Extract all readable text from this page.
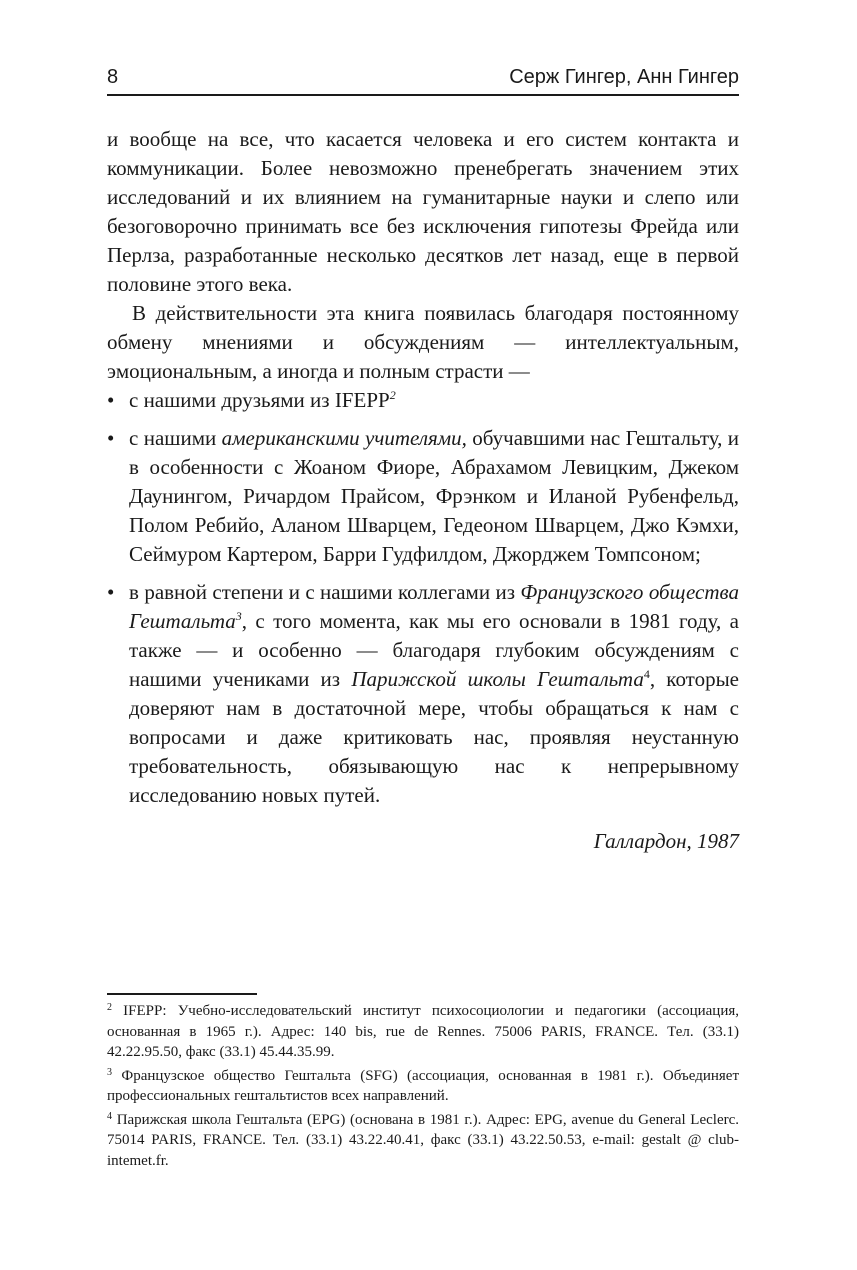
8	Серж Гингер, Анн Гингер

и вообще на все, что касается человека и его систем контакта и коммуникации. Более невозможно пренебрегать значением этих исследований и их влиянием на гуманитарные науки и слепо или безоговорочно принимать все без исключения гипотезы Фрейда или Перлза, разработанные несколько десятков лет назад, еще в первой половине этого века.

В действительности эта книга появилась благодаря постоянному обмену мнениями и обсуждениям — интеллектуальным, эмоциональным, а иногда и полным страсти —

• с нашими друзьями из IFEPP$^2$
• с нашими американскими учителями, обучавшими нас Гештальту, и в особенности с Жоаном Фиоре, Абрахамом Левицким, Джеком Даунингом, Ричардом Прайсом, Фрэнком и Иланой Рубенфельд, Полом Ребийо, Аланом Шварцем, Гедеоном Шварцем, Джо Кэмхи, Сеймуром Картером, Барри Гудфилдом, Джорджем Томпсоном;
• в равной степени и с нашими коллегами из Французского общества Гештальта$^3$, с того момента, как мы его основали в 1981 году, а также — и особенно — благодаря глубоким обсуждениям с нашими учениками из Парижской школы Гештальта$^4$, которые доверяют нам в достаточной мере, чтобы обращаться к нам с вопросами и даже критиковать нас, проявляя неустанную требовательность, обязывающую нас к непрерывному исследованию новых путей.
Галлардон, 1987

$^2$ IFEPP: Учебно-исследовательский институт психосоциологии и педагогики (ассоциация, основанная в 1965 г.). Адрес: 140 bis, rue de Rennes. 75006 PARIS, FRANCE. Тел. (33.1) 42.22.95.50, факс (33.1) 45.44.35.99.

$^3$ Французское общество Гештальта (SFG) (ассоциация, основанная в 1981 г.). Объединяет профессиональных гештальтистов всех направлений.

$^4$ Парижская школа Гештальта (EPG) (основана в 1981 г.). Адрес: EPG, avenue du General Leclerc. 75014 PARIS, FRANCE. Тел. (33.1) 43.22.40.41, факс (33.1) 43.22.50.53, e-mail: gestalt @ club-intemet.fr.
